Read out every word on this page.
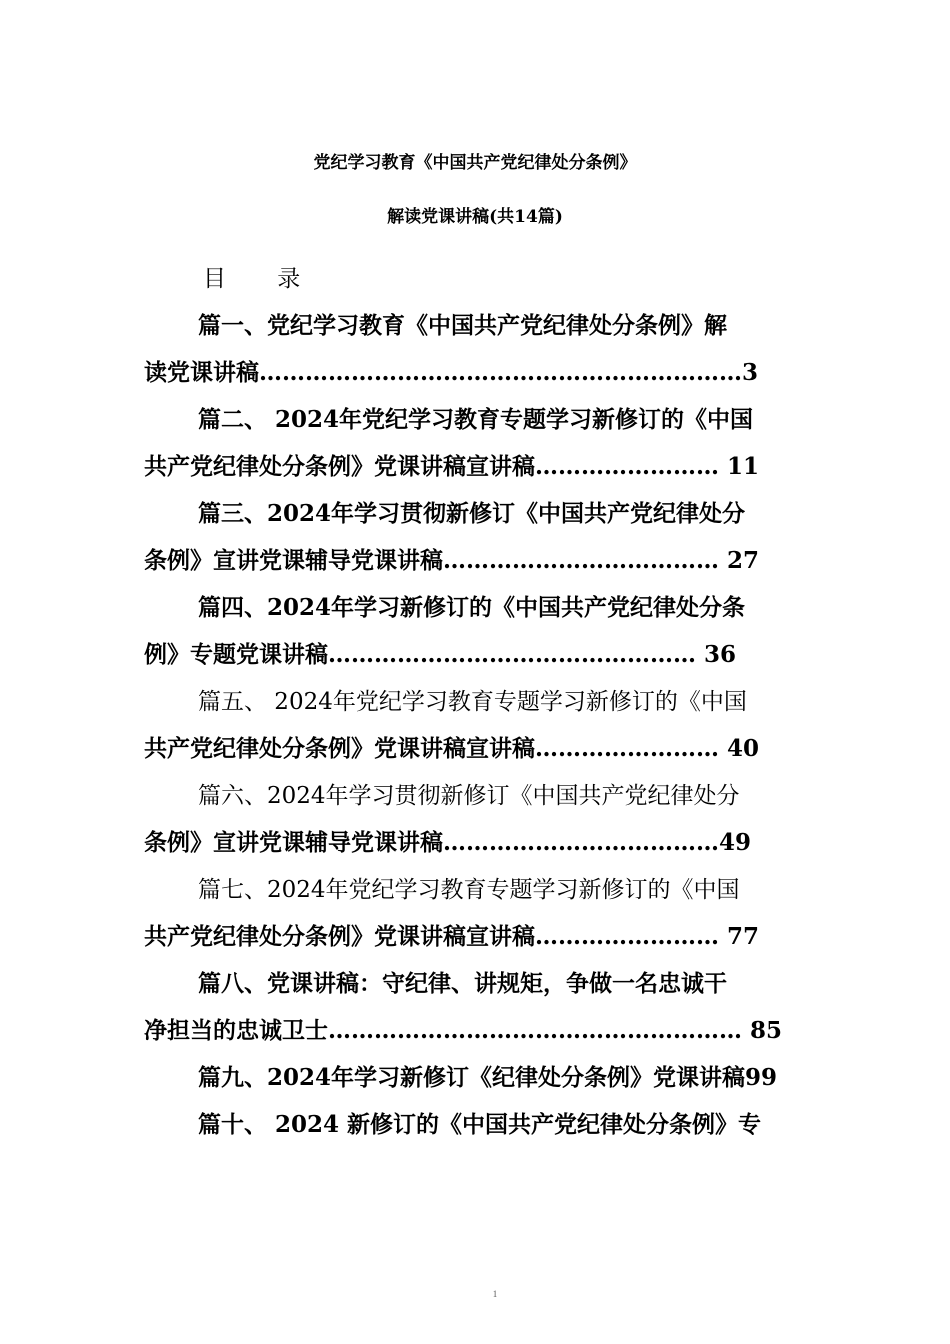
党纪学习教育《中国共产党纪律处分条例》
解读党课讲稿(共14篇)
目 录
篇一、党纪学习教育《中国共产党纪律处分条例》解
读党课讲稿………………………………………………………3
篇二、 2024年党纪学习教育专题学习新修订的《中国
共产党纪律处分条例》党课讲稿宣讲稿…………………… 11
篇三、2024年学习贯彻新修订《中国共产党纪律处分
条例》宣讲党课辅导党课讲稿……………………………… 27
篇四、2024年学习新修订的《中国共产党纪律处分条
例》专题党课讲稿………………………………………… 36
篇五、 2024年党纪学习教育专题学习新修订的《中国
共产党纪律处分条例》党课讲稿宣讲稿…………………… 40
篇六、2024年学习贯彻新修订《中国共产党纪律处分
条例》宣讲党课辅导党课讲稿………………………………49
篇七、2024年党纪学习教育专题学习新修订的《中国
共产党纪律处分条例》党课讲稿宣讲稿…………………… 77
篇八、党课讲稿：守纪律、讲规矩，争做一名忠诚干
净担当的忠诚卫士……………………………………………… 85
篇九、2024年学习新修订《纪律处分条例》党课讲稿99
篇十、 2024 新修订的《中国共产党纪律处分条例》专
1
